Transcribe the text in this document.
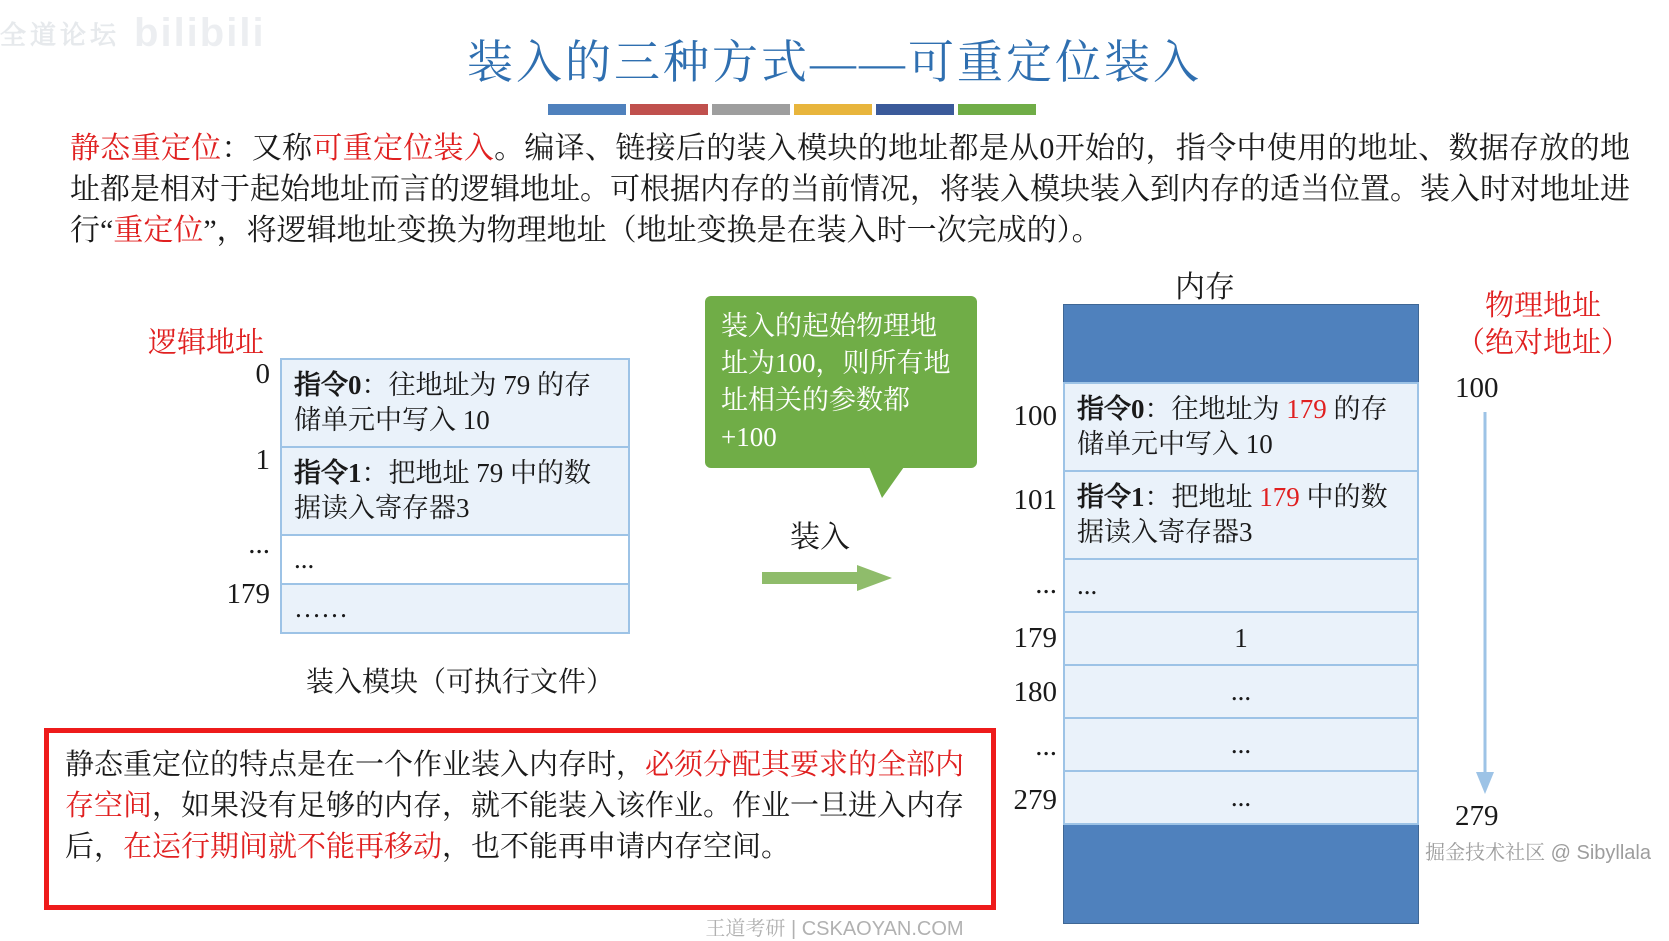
全道论坛 bilibili
装入的三种方式——可重定位装入
静态重定位：又称可重定位装入。编译、链接后的装入模块的地址都是从0开始的，指令中使用的地址、数据存放的地址都是相对于起始地址而言的逻辑地址。可根据内存的当前情况，将装入模块装入到内存的适当位置。装入时对地址进行“重定位”，将逻辑地址变换为物理地址（地址变换是在装入时一次完成的）。
逻辑地址
0
1
...
179
指令0：往地址为 79 的存储单元中写入 10
指令1：把地址 79 中的数据读入寄存器3
...
……
装入模块（可执行文件）
装入的起始物理地址为100，则所有地址相关的参数都 +100
装入
内存
100
101
...
179
180
...
279
指令0：往地址为 179 的存储单元中写入 10
指令1：把地址 179 中的数据读入寄存器3
...
1
...
...
...
物理地址
（绝对地址）
100
279
静态重定位的特点是在一个作业装入内存时，必须分配其要求的全部内存空间，如果没有足够的内存，就不能装入该作业。作业一旦进入内存后，在运行期间就不能再移动，也不能再申请内存空间。	掘金技术社区 @ Sibyllala
王道考研 | CSKAOYAN.COM
